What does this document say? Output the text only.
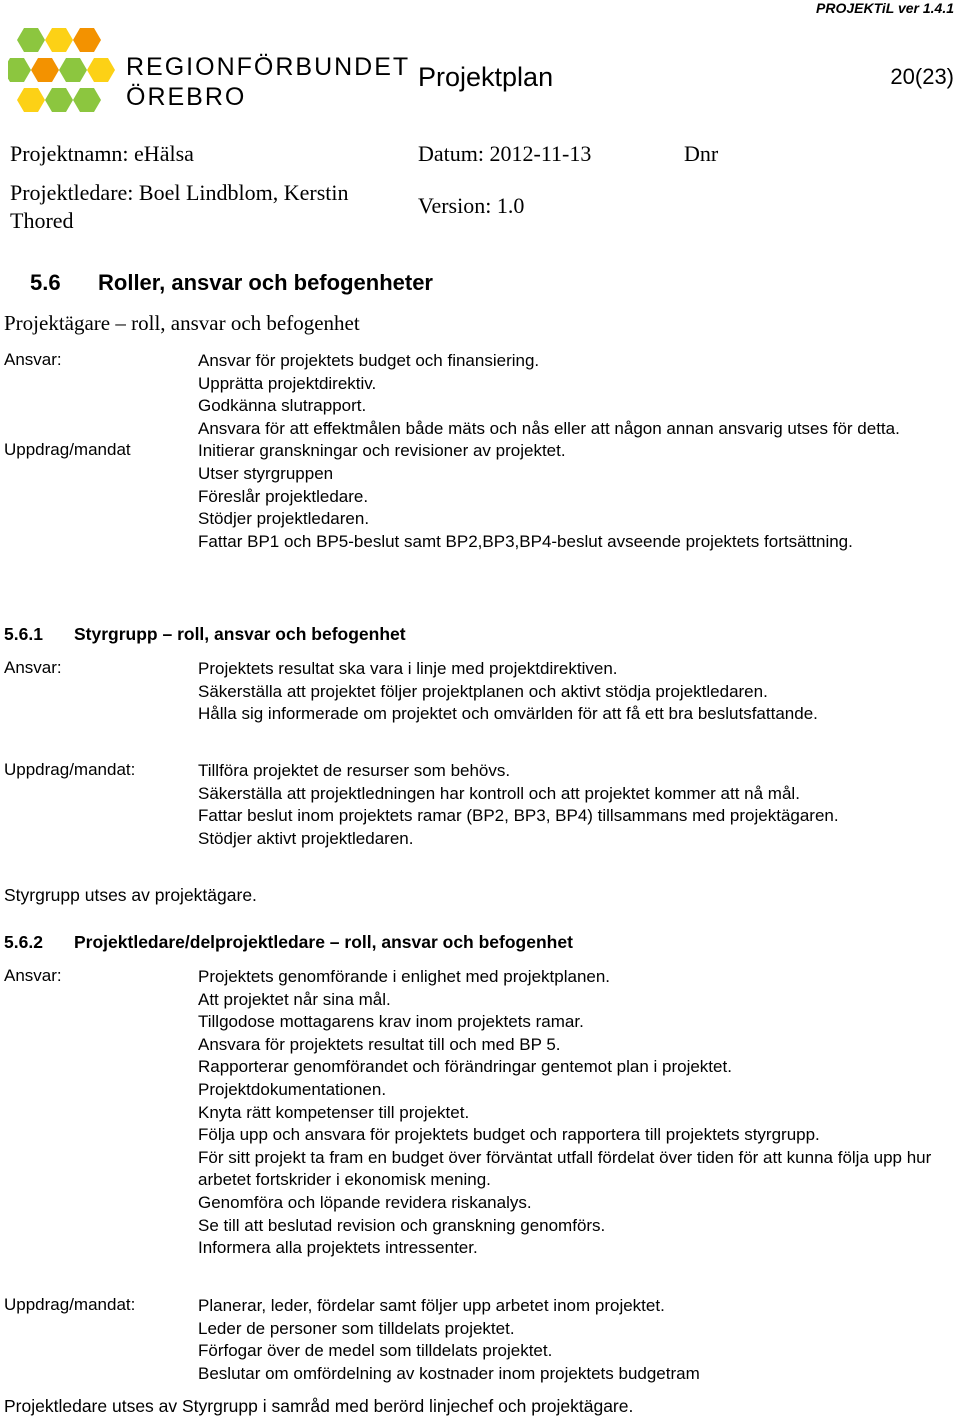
PROJEKTiL ver 1.4.1
REGIONFÖRBUNDET
ÖREBRO
Projektplan	20(23)
Projektnamn: eHälsa	Datum: 2012-11-13	Dnr
Projektledare: Boel Lindblom, Kerstin
Thored
Version: 1.0
5.6 Roller, ansvar och befogenheter
Projektägare – roll, ansvar och befogenhet
Ansvar:	Ansvar för projektets budget och finansiering.
Upprätta projektdirektiv.
Godkänna slutrapport.
Ansvara för att effektmålen både mäts och nås eller att någon annan ansvarig utses för detta.
Uppdrag/mandat	Initierar granskningar och revisioner av projektet.
Utser styrgruppen
Föreslår projektledare.
Stödjer projektledaren.
Fattar BP1 och BP5-beslut samt BP2,BP3,BP4-beslut avseende projektets fortsättning.
5.6.1 Styrgrupp – roll, ansvar och befogenhet
Ansvar:	Projektets resultat ska vara i linje med projektdirektiven.
Säkerställa att projektet följer projektplanen och aktivt stödja projektledaren.
Hålla sig informerade om projektet och omvärlden för att få ett bra beslutsfattande.
Uppdrag/mandat:	Tillföra projektet de resurser som behövs.
Säkerställa att projektledningen har kontroll och att projektet kommer att nå mål.
Fattar beslut inom projektets ramar (BP2, BP3, BP4) tillsammans med projektägaren.
Stödjer aktivt projektledaren.
Styrgrupp utses av projektägare.
5.6.2 Projektledare/delprojektledare – roll, ansvar och befogenhet
Ansvar:	Projektets genomförande i enlighet med projektplanen.
Att projektet når sina mål.
Tillgodose mottagarens krav inom projektets ramar.
Ansvara för projektets resultat till och med BP 5.
Rapporterar genomförandet och förändringar gentemot plan i projektet.
Projektdokumentationen.
Knyta rätt kompetenser till projektet.
Följa upp och ansvara för projektets budget och rapportera till projektets styrgrupp.
För sitt projekt ta fram en budget över förväntat utfall fördelat över tiden för att kunna följa upp hur arbetet fortskrider i ekonomisk mening.
Genomföra och löpande revidera riskanalys.
Se till att beslutad revision och granskning genomförs.
Informera alla projektets intressenter.
Uppdrag/mandat:	Planerar, leder, fördelar samt följer upp arbetet inom projektet.
Leder de personer som tilldelats projektet.
Förfogar över de medel som tilldelats projektet.
Beslutar om omfördelning av kostnader inom projektets budgetram
Projektledare utses av Styrgrupp i samråd med berörd linjechef och projektägare.
